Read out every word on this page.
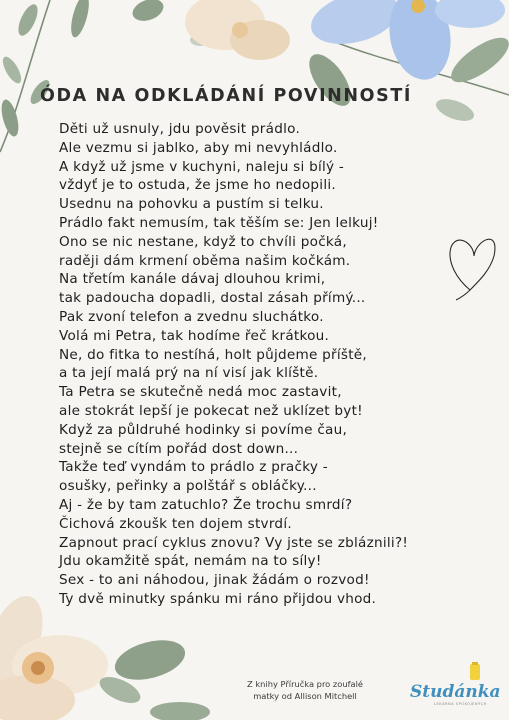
ÓDA NA ODKLÁDÁNÍ POVINNOSTÍ
Děti už usnuly, jdu pověsit prádlo.
Ale vezmu si jablko, aby mi nevyhládlo.
A když už jsme v kuchyni, naleju si bílý -
vždyť je to ostuda, že jsme ho nedopili.
Usednu na pohovku a pustím si telku.
Prádlo fakt nemusím, tak těším se: Jen lelkuj!
Ono se nic nestane, když to chvíli počká,
raději dám krmení oběma našim kočkám.
Na třetím kanále dávaj dlouhou krimi,
tak padoucha dopadli, dostal zásah přímý...
Pak zvoní telefon a zvednu sluchátko.
Volá mi Petra, tak hodíme řeč krátkou.
Ne, do fitka to nestíhá, holt půjdeme příště,
a ta její malá prý na ní visí jak klíště.
Ta Petra se skutečně nedá moc zastavit,
ale stokrát lepší je pokecat než uklízet byt!
Když za půldruhé hodinky si povíme čau,
stejně se cítím pořád dost down...
Takže teď vyndám to prádlo z pračky -
osušky, peřinky a polštář s obláčky...
Aj - že by tam zatuchlo? Že trochu smrdí?
Čichová zkoušk ten dojem stvrdí.
Zapnout prací cyklus znovu? Vy jste se zbláznili?!
Jdu okamžitě spát, nemám na to síly!
Sex - to ani náhodou, jinak žádám o rozvod!
Ty dvě minutky spánku mi ráno přijdou vhod.
Z knihy Příručka pro zoufalé
matky od Allison Mitchell	Studánka
LEKÁRNA SPOKOJENÝCH
